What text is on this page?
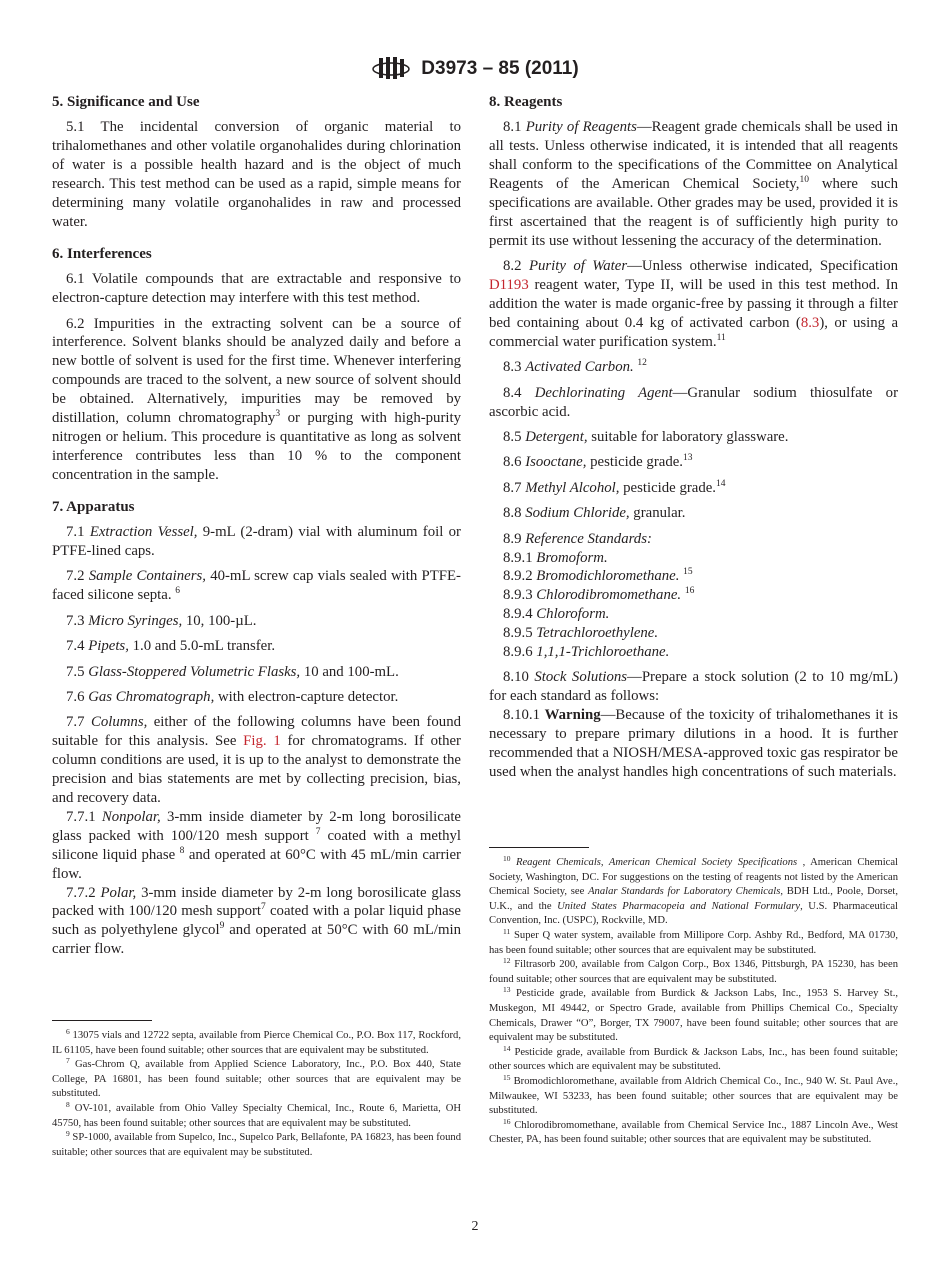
D3973 – 85 (2011)

5. Significance and Use

5.1 The incidental conversion of organic material to trihalomethanes and other volatile organohalides during chlorination of water is a possible health hazard and is the object of much research. This test method can be used as a rapid, simple means for determining many volatile organohalides in raw and processed water.

6. Interferences

6.1 Volatile compounds that are extractable and responsive to electron-capture detection may interfere with this test method.

6.2 Impurities in the extracting solvent can be a source of interference. Solvent blanks should be analyzed daily and before a new bottle of solvent is used for the first time. Whenever interfering compounds are traced to the solvent, a new source of solvent should be obtained. Alternatively, impurities may be removed by distillation, column chromatography$^3$ or purging with high-purity nitrogen or helium. This procedure is quantitative as long as solvent interference contributes less than 10 % to the component concentration in the sample.

7. Apparatus

7.1 Extraction Vessel, 9-mL (2-dram) vial with aluminum foil or PTFE-lined caps.

7.2 Sample Containers, 40-mL screw cap vials sealed with PTFE-faced silicone septa. $^6$

7.3 Micro Syringes, 10, 100-µL.

7.4 Pipets, 1.0 and 5.0-mL transfer.

7.5 Glass-Stoppered Volumetric Flasks, 10 and 100-mL.

7.6 Gas Chromatograph, with electron-capture detector.

7.7 Columns, either of the following columns have been found suitable for this analysis. See Fig. 1 for chromatograms. If other column conditions are used, it is up to the analyst to demonstrate the precision and bias statements are met by collecting precision, bias, and recovery data.

7.7.1 Nonpolar, 3-mm inside diameter by 2-m long borosilicate glass packed with 100/120 mesh support $^7$ coated with a methyl silicone liquid phase $^8$ and operated at 60°C with 45 mL/min carrier flow.

7.7.2 Polar, 3-mm inside diameter by 2-m long borosilicate glass packed with 100/120 mesh support$^7$ coated with a polar liquid phase such as polyethylene glycol$^9$ and operated at 50°C with 60 mL/min carrier flow.

8. Reagents

8.1 Purity of Reagents—Reagent grade chemicals shall be used in all tests. Unless otherwise indicated, it is intended that all reagents shall conform to the specifications of the Committee on Analytical Reagents of the American Chemical Society,$^{10}$ where such specifications are available. Other grades may be used, provided it is first ascertained that the reagent is of sufficiently high purity to permit its use without lessening the accuracy of the determination.

8.2 Purity of Water—Unless otherwise indicated, Specification D1193 reagent water, Type II, will be used in this test method. In addition the water is made organic-free by passing it through a filter bed containing about 0.4 kg of activated carbon (8.3), or using a commercial water purification system.$^{11}$

8.3 Activated Carbon. $^{12}$

8.4 Dechlorinating Agent—Granular sodium thiosulfate or ascorbic acid.

8.5 Detergent, suitable for laboratory glassware.

8.6 Isooctane, pesticide grade.$^{13}$

8.7 Methyl Alcohol, pesticide grade.$^{14}$

8.8 Sodium Chloride, granular.

8.9 Reference Standards:

8.9.1 Bromoform.

8.9.2 Bromodichloromethane. $^{15}$

8.9.3 Chlorodibromomethane. $^{16}$

8.9.4 Chloroform.

8.9.5 Tetrachloroethylene.

8.9.6 1,1,1-Trichloroethane.

8.10 Stock Solutions—Prepare a stock solution (2 to 10 mg/mL) for each standard as follows:

8.10.1 Warning—Because of the toxicity of trihalomethanes it is necessary to prepare primary dilutions in a hood. It is further recommended that a NIOSH/MESA-approved toxic gas respirator be used when the analyst handles high concentrations of such materials.

$^6$ 13075 vials and 12722 septa, available from Pierce Chemical Co., P.O. Box 117, Rockford, IL 61105, have been found suitable; other sources that are equivalent may be substituted.

$^7$ Gas-Chrom Q, available from Applied Science Laboratory, Inc., P.O. Box 440, State College, PA 16801, has been found suitable; other sources that are equivalent may be substituted.

$^8$ OV-101, available from Ohio Valley Specialty Chemical, Inc., Route 6, Marietta, OH 45750, has been found suitable; other sources that are equivalent may be substituted.

$^9$ SP-1000, available from Supelco, Inc., Supelco Park, Bellafonte, PA 16823, has been found suitable; other sources that are equivalent may be substituted.

$^{10}$ Reagent Chemicals, American Chemical Society Specifications , American Chemical Society, Washington, DC. For suggestions on the testing of reagents not listed by the American Chemical Society, see Analar Standards for Laboratory Chemicals, BDH Ltd., Poole, Dorset, U.K., and the United States Pharmacopeia and National Formulary, U.S. Pharmaceutical Convention, Inc. (USPC), Rockville, MD.

$^{11}$ Super Q water system, available from Millipore Corp. Ashby Rd., Bedford, MA 01730, has been found suitable; other sources that are equivalent may be substituted.

$^{12}$ Filtrasorb 200, available from Calgon Corp., Box 1346, Pittsburgh, PA 15230, has been found suitable; other sources that are equivalent may be substituted.

$^{13}$ Pesticide grade, available from Burdick & Jackson Labs, Inc., 1953 S. Harvey St., Muskegon, MI 49442, or Spectro Grade, available from Phillips Chemical Co., Specialty Chemicals, Drawer “O”, Borger, TX 79007, have been found suitable; other sources that are equivalent may be substituted.

$^{14}$ Pesticide grade, available from Burdick & Jackson Labs, Inc., has been found suitable; other sources which are equivalent may be substituted.

$^{15}$ Bromodichloromethane, available from Aldrich Chemical Co., Inc., 940 W. St. Paul Ave., Milwaukee, WI 53233, has been found suitable; other sources that are equivalent may be substituted.

$^{16}$ Chlorodibromomethane, available from Chemical Service Inc., 1887 Lincoln Ave., West Chester, PA, has been found suitable; other sources that are equivalent may be substituted.

2
